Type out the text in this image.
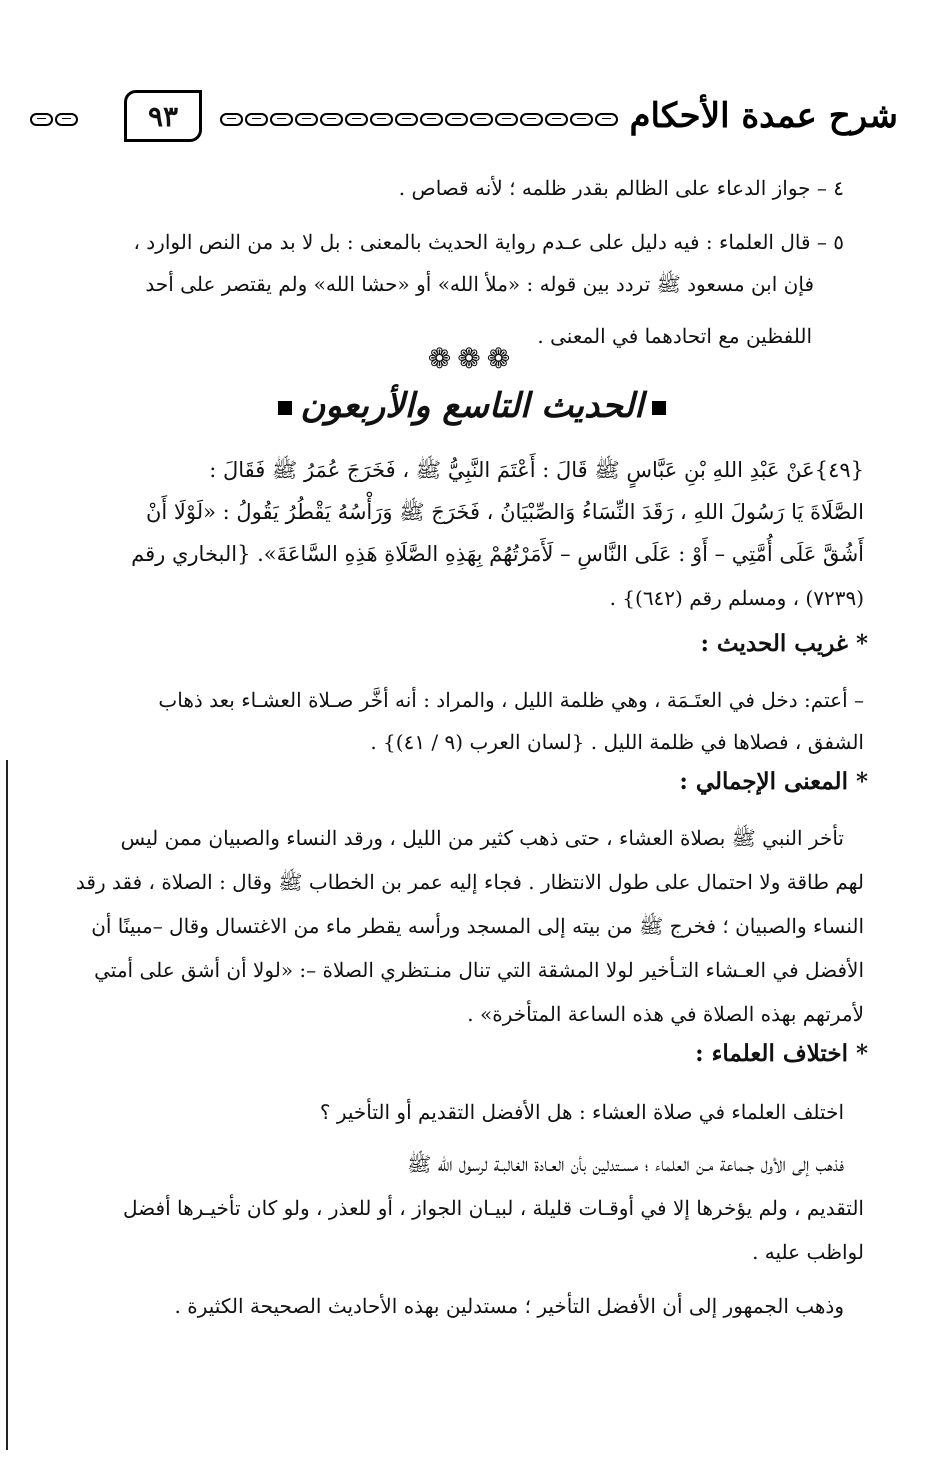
شرح عمدة الأحكام
٩٣
٤ – جواز الدعاء على الظالم بقدر ظلمه ؛ لأنه قصاص .
٥ – قال العلماء : فيه دليل على عـدم رواية الحديث بالمعنى : بل لا بد من النص الوارد ،
فإن ابن مسعود ﷺ تردد بين قوله : «ملأ الله» أو «حشا الله» ولم يقتصر على أحد
اللفظين مع اتحادهما في المعنى .
❁❁❁
الحديث التاسع والأربعون
{٤٩}عَنْ عَبْدِ اللهِ بْنِ عَبَّاسٍ ﷺ قَالَ : أَعْتَمَ النَّبِيُّ ﷺ ، فَخَرَجَ عُمَرُ ﷺ فَقَالَ :
الصَّلَاةَ يَا رَسُولَ اللهِ ، رَقَدَ النِّسَاءُ وَالصِّبْيَانُ ، فَخَرَجَ ﷺ وَرَأْسُهُ يَقْطُرُ يَقُولُ : «لَوْلَا أَنْ
أَشُقَّ عَلَى أُمَّتِي – أَوْ : عَلَى النَّاسِ – لَأَمَرْتُهُمْ بِهَذِهِ الصَّلَاةِ هَذِهِ السَّاعَةَ». {البخاري رقم
(٧٢٣٩) ، ومسلم رقم (٦٤٢)} .
* غريب الحديث :
– أعتم: دخل في العتَـمَة ، وهي ظلمة الليل ، والمراد : أنه أخَّر صـلاة العشـاء بعد ذهاب
الشفق ، فصلاها في ظلمة الليل . {لسان العرب (٩ / ٤١)} .
* المعنى الإجمالي :
تأخر النبي ﷺ بصلاة العشاء ، حتى ذهب كثير من الليل ، ورقد النساء والصبيان ممن ليس
لهم طاقة ولا احتمال على طول الانتظار . فجاء إليه عمر بن الخطاب ﷺ وقال : الصلاة ، فقد رقد
النساء والصبيان ؛ فخرج ﷺ من بيته إلى المسجد ورأسه يقطر ماء من الاغتسال وقال –مبينًا أن
الأفضل في العـشاء التـأخير لولا المشقة التي تنال منـتظري الصلاة –: «لولا أن أشق على أمتي
لأمرتهم بهذه الصلاة في هذه الساعة المتأخرة» .
* اختلاف العلماء :
اختلف العلماء في صلاة العشاء : هل الأفضل التقديم أو التأخير ؟
فذهب إلى الأول جـماعة مـن العلماء ؛ مسـتدلين بأن العـادة الغالبـة لرسول الله ﷺ
التقديم ، ولم يؤخرها إلا في أوقـات قليلة ، لبيـان الجواز ، أو للعذر ، ولو كان تأخيـرها أفضل
لواظب عليه .
وذهب الجمهور إلى أن الأفضل التأخير ؛ مستدلين بهذه الأحاديث الصحيحة الكثيرة .
